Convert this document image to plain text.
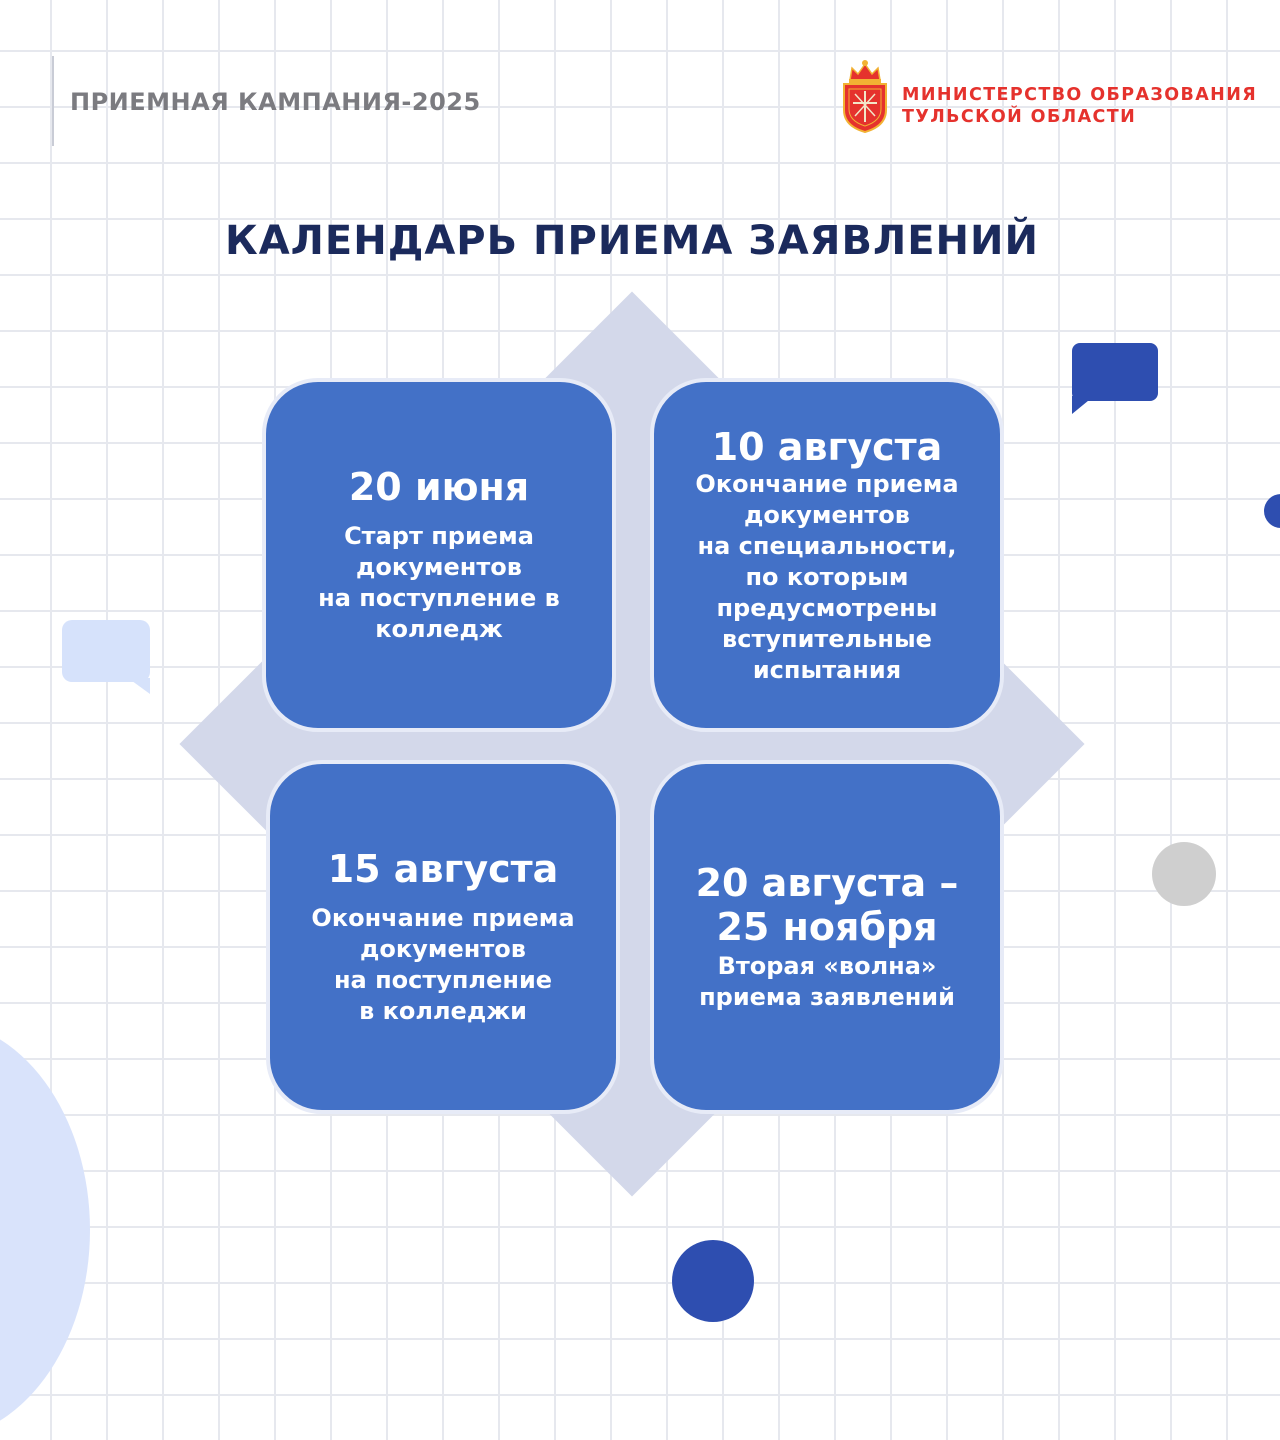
ПРИЕМНАЯ КАМПАНИЯ-2025	МИНИСТЕРСТВО ОБРАЗОВАНИЯ
ТУЛЬСКОЙ ОБЛАСТИ
КАЛЕНДАРЬ ПРИЕМА ЗАЯВЛЕНИЙ
20 июня
Старт приема
документов
на поступление в
колледж
10 августа
Окончание приема
документов
на специальности,
по которым
предусмотрены
вступительные
испытания
15 августа
Окончание приема
документов
на поступление
в колледжи
20 августа –
25 ноября
Вторая «волна»
приема заявлений
